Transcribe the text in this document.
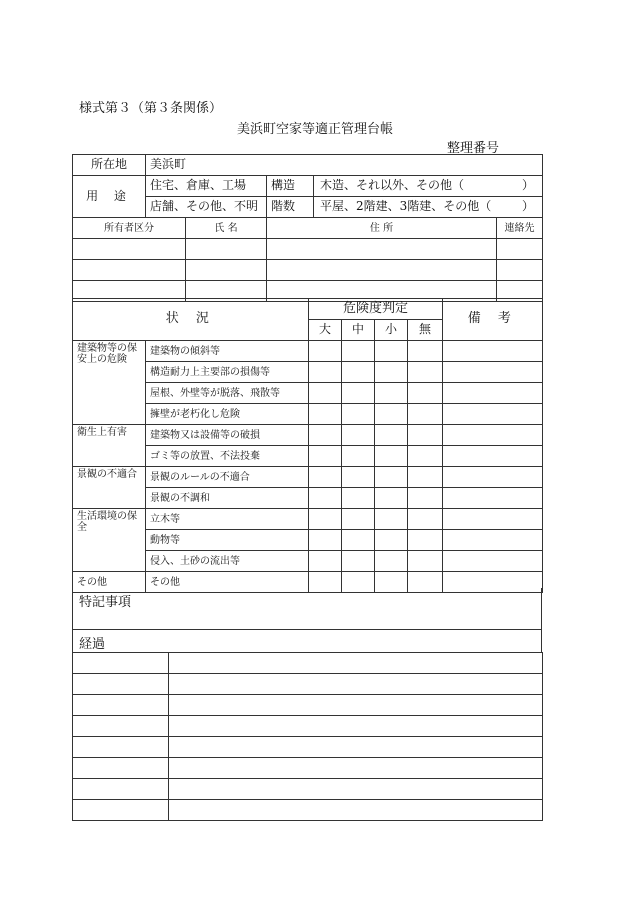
様式第３（第３条関係）
美浜町空家等適正管理台帳
整理番号
所在地	美浜町				
用 途	住宅、倉庫、工場		構造	木造、それ以外、その他（ ）	

	店舗、その他、不明		階数	平屋、2階建、3階建、その他（ ）	

所有者区分		氏 名	住 所		連絡先

状 況		危険度判定				備 考
		大	中	小	無	
建築物等の保安上の危険	建築物の傾斜等					
	構造耐力上主要部の損傷等					
	屋根、外壁等が脱落、飛散等					
	擁壁が老朽化し危険					
衛生上有害	建築物又は設備等の破損					
	ゴミ等の放置、不法投棄					
景観の不適合	景観のルールの不適合					
	景観の不調和					
生活環境の保全	立木等					
	動物等					
	侵入、土砂の流出等					
その他	その他					
特記事項
経過
